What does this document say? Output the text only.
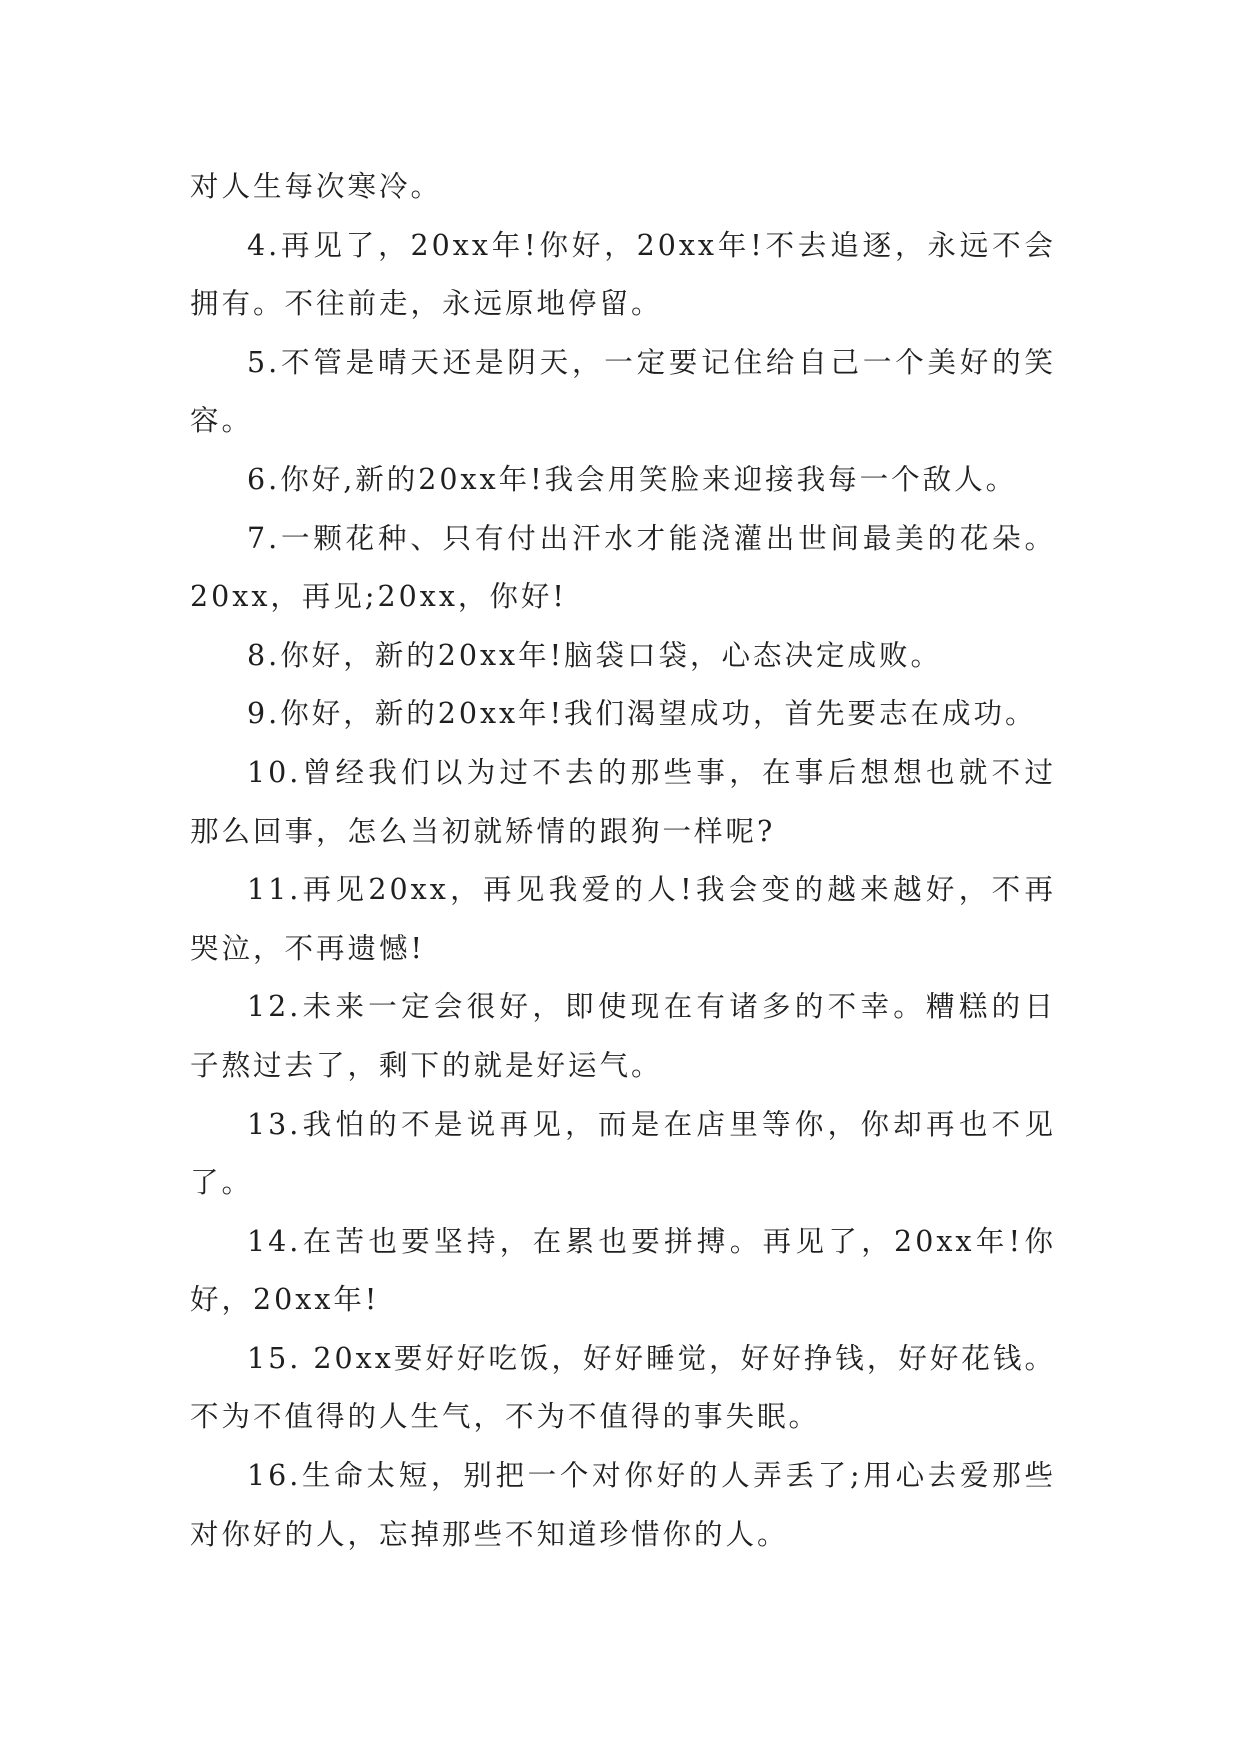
对人生每次寒冷。

4.再见了，20xx年!你好，20xx年!不去追逐，永远不会拥有。不往前走，永远原地停留。

5.不管是晴天还是阴天，一定要记住给自己一个美好的笑容。

6.你好,新的20xx年!我会用笑脸来迎接我每一个敌人。

7.一颗花种、只有付出汗水才能浇灌出世间最美的花朵。20xx，再见;20xx，你好!

8.你好，新的20xx年!脑袋口袋，心态决定成败。

9.你好，新的20xx年!我们渴望成功，首先要志在成功。

10.曾经我们以为过不去的那些事，在事后想想也就不过那么回事，怎么当初就矫情的跟狗一样呢?

11.再见20xx，再见我爱的人!我会变的越来越好，不再哭泣，不再遗憾!

12.未来一定会很好，即使现在有诸多的不幸。糟糕的日子熬过去了，剩下的就是好运气。

13.我怕的不是说再见，而是在店里等你，你却再也不见了。

14.在苦也要坚持，在累也要拼搏。再见了，20xx年!你好，20xx年!

15. 20xx要好好吃饭，好好睡觉，好好挣钱，好好花钱。不为不值得的人生气，不为不值得的事失眠。

16.生命太短，别把一个对你好的人弄丢了;用心去爱那些对你好的人，忘掉那些不知道珍惜你的人。
